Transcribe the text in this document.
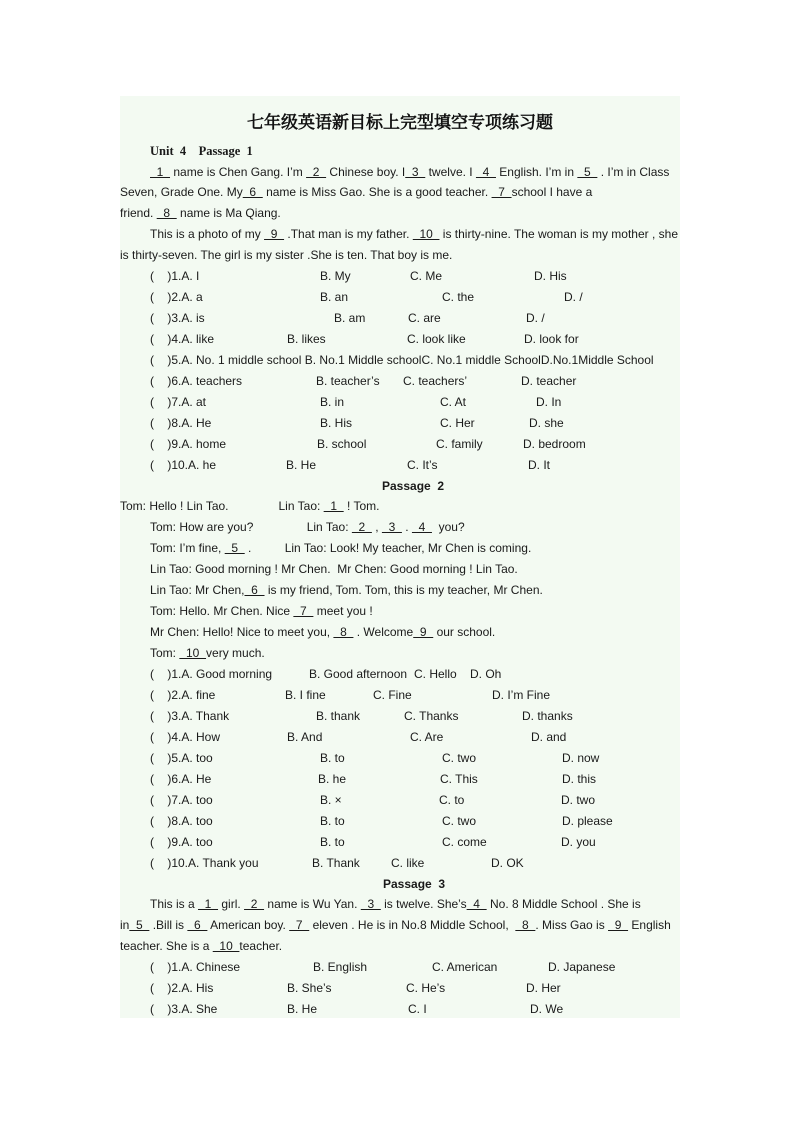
七年级英语新目标上完型填空专项练习题
Unit  4    Passage  1
1   name is Chen Gang. I’m   2   Chinese boy. I  3   twelve. I   4   English. I’m in   5   . I’m in Class
Seven, Grade One. My  6   name is Miss Gao. She is a good teacher.   7  school I have a
friend.   8   name is Ma Qiang.
This is a photo of my   9   .That man is my father.   10   is thirty-nine. The woman is my mother , she
is thirty-seven. The girl is my sister .She is ten. That boy is me.
(    )1.A. I	B. My	C. Me	D. His
(    )2.A. a	B. an	C. the	D. /
(    )3.A. is	B. am	C. are	D. /
(    )4.A. like	B. likes	C. look like	D. look for
(    )5.A. No. 1 middle school B. No.1 Middle schoolC. No.1 middle SchoolD.No.1Middle School
(    )6.A. teachers	B. teacher’s C. teachers’	D. teacher
(    )7.A. at	B. in	C. At	D. In
(    )8.A. He	B. His	C. Her	D. she
(    )9.A. home	B. school	C. family	D. bedroom
(    )10.A. he	B. He	C. It’s	D. It
Passage  2
Tom: Hello ! Lin Tao.               Lin Tao:   1   ! Tom.
Tom: How are you?                Lin Tao:   2   ,   3   .   4    you?
Tom: I’m fine,   5   .          Lin Tao: Look! My teacher, Mr Chen is coming.
Lin Tao: Good morning ! Mr Chen.  Mr Chen: Good morning ! Lin Tao.
Lin Tao: Mr Chen,  6   is my friend, Tom. Tom, this is my teacher, Mr Chen.
Tom: Hello. Mr Chen. Nice   7   meet you !
Mr Chen: Hello! Nice to meet you,   8   . Welcome  9   our school.
Tom:   10  very much.
(    )1.A. Good morning	B. Good afternoon C. Hello D. Oh
(    )2.A. fine	B. I fine	C. Fine	D. I’m Fine
(    )3.A. Thank	B. thank	C. Thanks	D. thanks
(    )4.A. How	B. And	C. Are	D. and
(    )5.A. too	B. to	C. two	D. now
(    )6.A. He	B. he	C. This	D. this
(    )7.A. too	B. ×	C. to	D. two
(    )8.A. too	B. to	C. two	D. please
(    )9.A. too	B. to	C. come	D. you
(    )10.A. Thank you	B. Thank	C. like	D. OK
Passage  3
This is a   1   girl.   2   name is Wu Yan.   3   is twelve. She’s  4   No. 8 Middle School . She is
in  5   .Bill is   6   American boy.   7   eleven . He is in No.8 Middle School,    8  . Miss Gao is   9   English
teacher. She is a   10  teacher.
(    )1.A. Chinese	B. English	C. American	D. Japanese
(    )2.A. His	B. She’s	C. He’s	D. Her
(    )3.A. She	B. He	C. I	D. We
